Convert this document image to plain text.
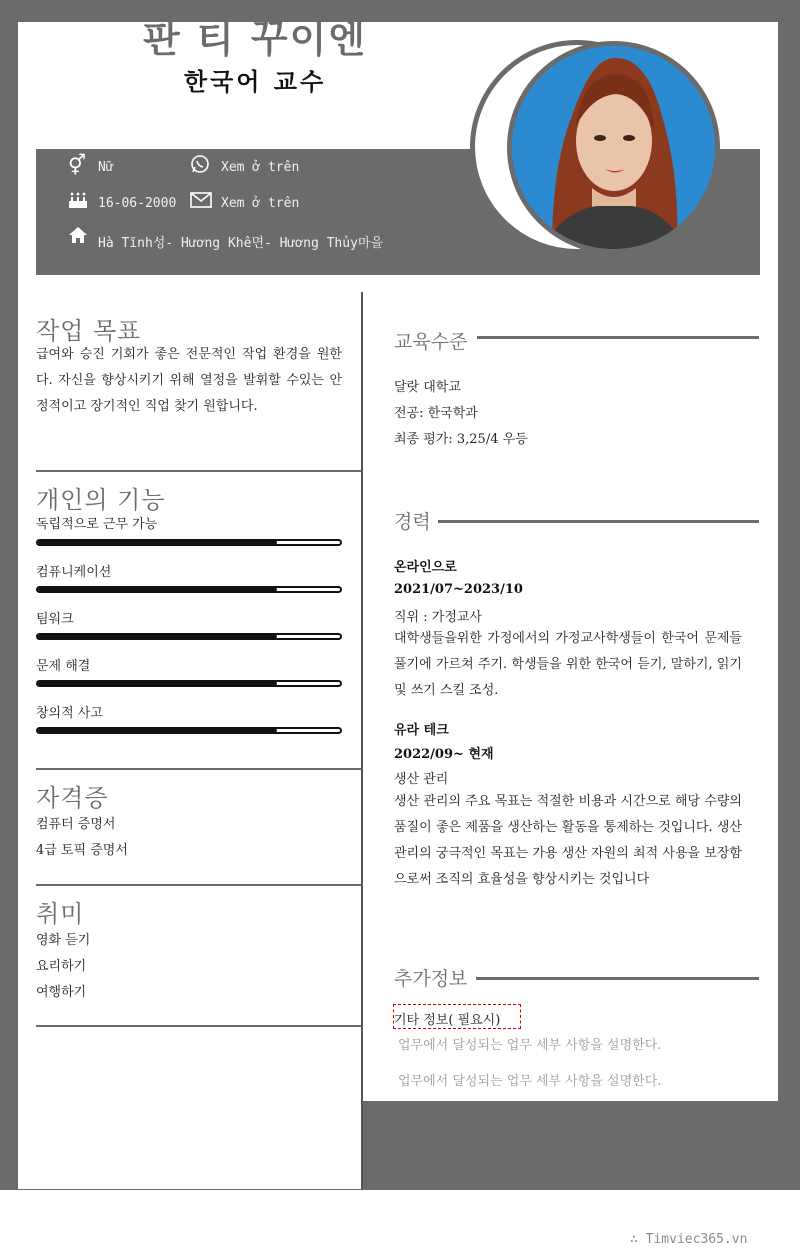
판 티 꾸이엔
한국어 교수
⚥ Nữ	Xem ở trên
16-06-2000	Xem ở trên
Hà Tĩnh성- Hương Khê면- Hương Thủy마을
작업 목표
급여와 승진 기회가 좋은 전문적인 작업 환경을 원한다. 자신을 향상시키기 위해 열정을 발휘할 수있는 안정적이고 장기적인 직업 찾기 원합니다.
개인의 기능
독립적으로 근무 가능
컴퓨니케이션
팀워크
문제 해결
창의적 사고
자격증
컴퓨터 증명서
4급 토픽 증명서
취미
영화 듣기
요리하기
여행하기
교육수준
달랏 대학교
전공: 한국학과
최종 평가: 3,25/4 우등
경력
온라인으로
2021/07~2023/10
직위 : 가정교사
대학생들을위한 가정에서의 가정교사학생들이 한국어 문제들 풀기에 가르쳐 주기. 학생들을 위한 한국어 듣기, 말하기, 읽기 및 쓰기 스킬 조성.
유라 테크
2022/09~ 현재
생산 관리
생산 관리의 주요 목표는 적절한 비용과 시간으로 해당 수량의 품질이 좋은 제품을 생산하는 활동을 통제하는 것입니다. 생산 관리의 궁극적인 목표는 가용 생산 자원의 최적 사용을 보장함으로써 조직의 효율성을 향상시키는 것입니다
추가정보
기타 정보( 필요시)
업무에서 달성되는 업무 세부 사항을 설명한다.
업무에서 달성되는 업무 세부 사항을 설명한다.
∴ Timviec365.vn
